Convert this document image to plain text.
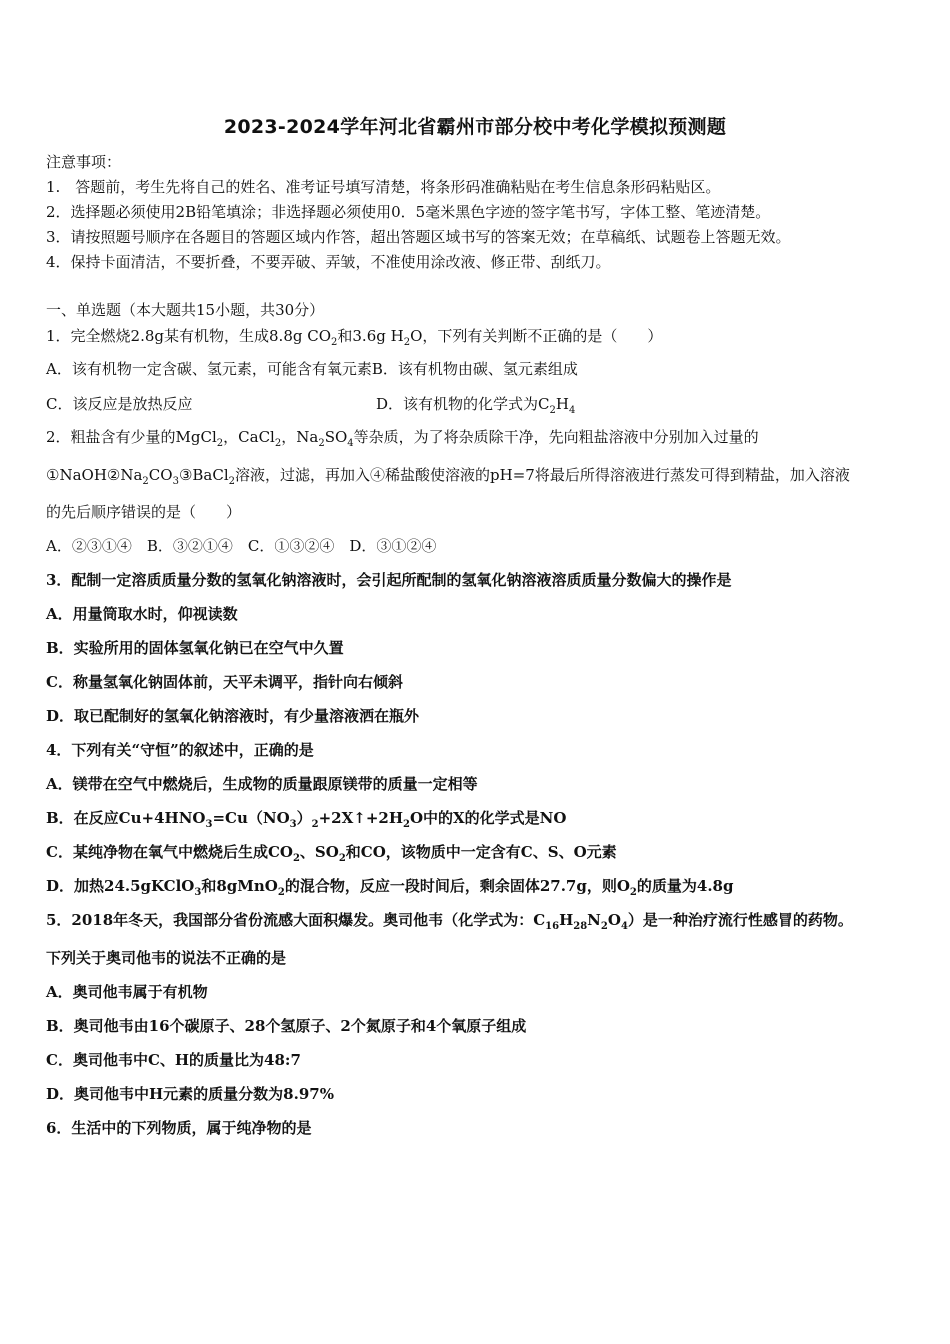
2023-2024学年河北省霸州市部分校中考化学模拟预测题
注意事项：
1.　答题前，考生先将自己的姓名、准考证号填写清楚，将条形码准确粘贴在考生信息条形码粘贴区。
2．选择题必须使用2B铅笔填涂；非选择题必须使用0．5毫米黑色字迹的签字笔书写，字体工整、笔迹清楚。
3．请按照题号顺序在各题目的答题区域内作答，超出答题区域书写的答案无效；在草稿纸、试题卷上答题无效。
4．保持卡面清洁，不要折叠，不要弄破、弄皱，不准使用涂改液、修正带、刮纸刀。
一、单选题（本大题共15小题，共30分）
1．完全燃烧2.8g某有机物，生成8.8g $CO_2$和3.6g $H_2O$，下列有关判断不正确的是（　　）
A．该有机物一定含碳、氢元素，可能含有氧元素B．该有机物由碳、氢元素组成
C．该反应是放热反应	D．该有机物的化学式为$C_2H_4$
2．粗盐含有少量的MgCl$_2$，CaCl$_2$，$Na_2SO_4$等杂质，为了将杂质除干净，先向粗盐溶液中分别加入过量的
$①NaOH②Na_2CO_3③BaCl_2$溶液，过滤，再加入④稀盐酸使溶液的pH=7将最后所得溶液进行蒸发可得到精盐，加入溶液
的先后顺序错误的是（　　）
A．②③①④　B．③②①④　C．①③②④　D．③①②④
3．配制一定溶质质量分数的氢氧化钠溶液时，会引起所配制的氢氧化钠溶液溶质质量分数偏大的操作是
A．用量筒取水时，仰视读数
B．实验所用的固体氢氧化钠已在空气中久置
C．称量氢氧化钠固体前，天平未调平，指针向右倾斜
D．取已配制好的氢氧化钠溶液时，有少量溶液洒在瓶外
4．下列有关“守恒”的叙述中，正确的是
A．镁带在空气中燃烧后，生成物的质量跟原镁带的质量一定相等
B．在反应$Cu+4HNO_3=Cu(NO_3)_2+2X↑+2H_2O$中的X的化学式是NO
C．某纯净物在氧气中燃烧后生成$CO_2$、$SO_2$和CO，该物质中一定含有C、S、O元素
D．加热24.5gKClO$_3$和8gMnO$_2$的混合物，反应一段时间后，剩余固体27.7g，则$O_2$的质量为4.8g
5．2018年冬天，我国部分省份流感大面积爆发。奥司他韦（化学式为：$C_{16}H_{28}N_2O_4$）是一种治疗流行性感冒的药物。
下列关于奥司他韦的说法不正确的是
A．奥司他韦属于有机物
B．奥司他韦由16个碳原子、28个氢原子、2个氮原子和4个氧原子组成
C．奥司他韦中C、H的质量比为48:7
D．奥司他韦中H元素的质量分数为8.97%
6．生活中的下列物质，属于纯净物的是
